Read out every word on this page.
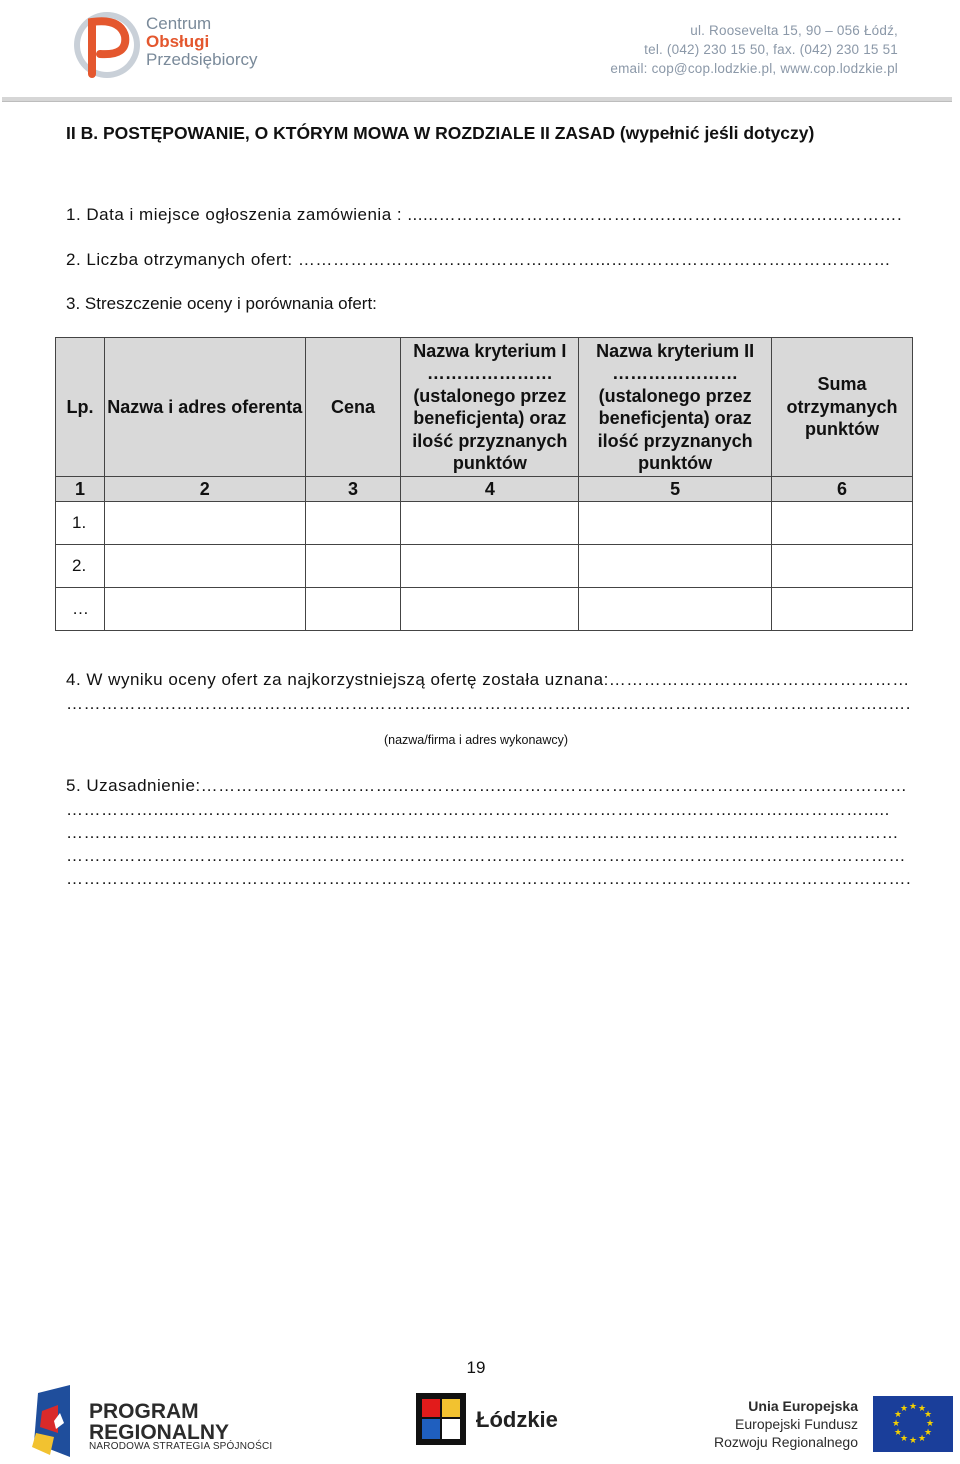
Centrum
Obsługi
Przedsiębiorcy
ul. Roosevelta 15, 90 – 056 Łódź,
tel. (042) 230 15 50, fax. (042) 230 15 51
email: cop@cop.lodzkie.pl, www.cop.lodzkie.pl
II B. POSTĘPOWANIE, O KTÓRYM MOWA W ROZDZIALE II ZASAD (wypełnić jeśli dotyczy)
1. Data i miejsce ogłoszenia zamówienia : ......…………………………………..……………………..………….
2. Liczba otrzymanych ofert: ……………………………………………...…………………………………………
3. Streszczenie oceny i porównania ofert:
Lp.	Nazwa i adres oferenta	Cena	Nazwa kryterium I ………………… (ustalonego przez beneficjenta) oraz ilość przyznanych punktów	Nazwa kryterium II ………………… (ustalonego przez beneficjenta) oraz ilość przyznanych punktów	Suma otrzymanych punktów
1	2	3	4	5	6
1.					
2.					
…					
4. W wyniku oceny ofert za najkorzystniejszą ofertę została uznana:……………………...……….……………
……………….……………………………………..……………………..….……………………..…………………..….
(nazwa/firma i adres wykonawcy)
5. Uzasadnienie:……………………………...……………..………………………………………..……….…………
…………….....……………………………………………………………………………..……...……..………….....
………………………………………………………………………………………………………..……………………
………………………………………………………………………………………………………………………………
……………………………………………………………………………………………………………………………….
19
PROGRAM
REGIONALNY
NARODOWA STRATEGIA SPÓJNOŚCI
Łódzkie
Unia Europejska
Europejski Fundusz
Rozwoju Regionalnego
★ ★
★
★
★
★
★
★
★
★
★
★
